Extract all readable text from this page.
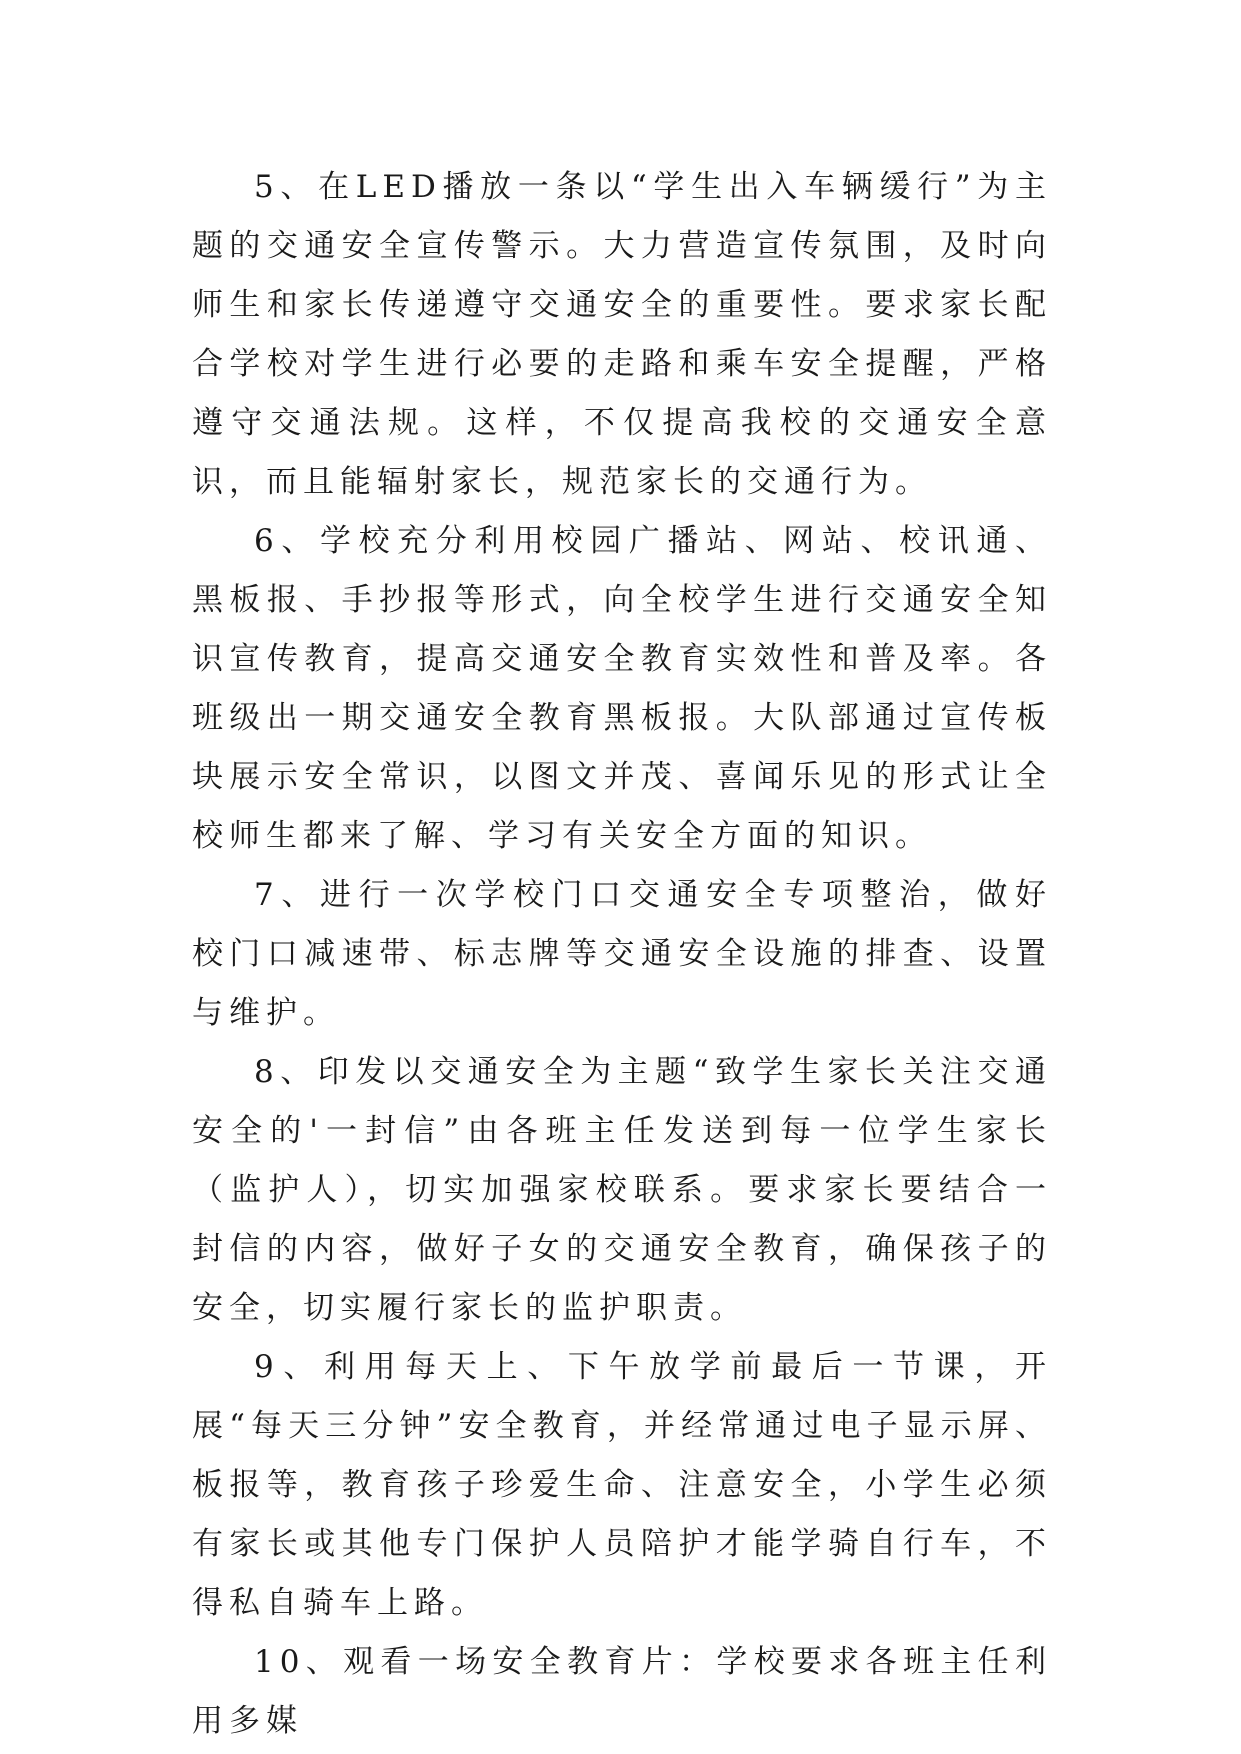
5、在LED播放一条以“学生出入车辆缓行”为主题的交通安全宣传警示。大力营造宣传氛围，及时向师生和家长传递遵守交通安全的重要性。要求家长配合学校对学生进行必要的走路和乘车安全提醒，严格遵守交通法规。这样，不仅提高我校的交通安全意识，而且能辐射家长，规范家长的交通行为。

6、学校充分利用校园广播站、网站、校讯通、黑板报、手抄报等形式，向全校学生进行交通安全知识宣传教育，提高交通安全教育实效性和普及率。各班级出一期交通安全教育黑板报。大队部通过宣传板块展示安全常识，以图文并茂、喜闻乐见的形式让全校师生都来了解、学习有关安全方面的知识。

7、进行一次学校门口交通安全专项整治，做好校门口减速带、标志牌等交通安全设施的排查、设置与维护。

8、印发以交通安全为主题“致学生家长关注交通安全的'一封信”由各班主任发送到每一位学生家长（监护人），切实加强家校联系。要求家长要结合一封信的内容，做好子女的交通安全教育，确保孩子的安全，切实履行家长的监护职责。

9、利用每天上、下午放学前最后一节课，开展“每天三分钟”安全教育，并经常通过电子显示屏、板报等，教育孩子珍爱生命、注意安全，小学生必须有家长或其他专门保护人员陪护才能学骑自行车，不得私自骑车上路。

10、观看一场安全教育片：学校要求各班主任利用多媒
